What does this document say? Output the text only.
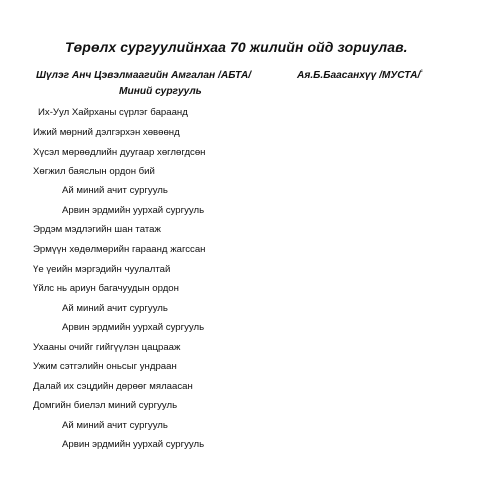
Төрөлх сургуулийнхаа 70 жилийн ойд зориулав.
Шүлэг Анч Цэвэлмаагийн Амгалан /АБТА/	Ая.Б.Баасанхүү /МУСТА/$^ᶜ$
Миний сургууль
Их-Уул Хайрханы сүрлэг бараанд
Ижий мөрний дэлгэрхэн хөвөөнд
Хүсэл мөрөөдлийн дуугаар хөглөгдсөн
Хөгжил баяслын ордон бий
Ай миний ачит сургууль
Арвин эрдмийн уурхай сургууль
Эрдэм мэдлэгийн шан татаж
Эрмүүн хөдөлмөрийн гараанд жагссан
Үе үеийн мэргэдийн чуулалтай
Үйлс нь ариун багачуудын ордон
Ай миний ачит сургууль
Арвин эрдмийн уурхай сургууль
Ухааны очийг гийгүүлэн цацрааж
Ужим сэтгэлийн оньсыг ундраан
Далай их сэцдийн дөрөөг мялаасан
Домгийн биелэл миний сургууль
Ай миний ачит сургууль
Арвин эрдмийн уурхай сургууль
